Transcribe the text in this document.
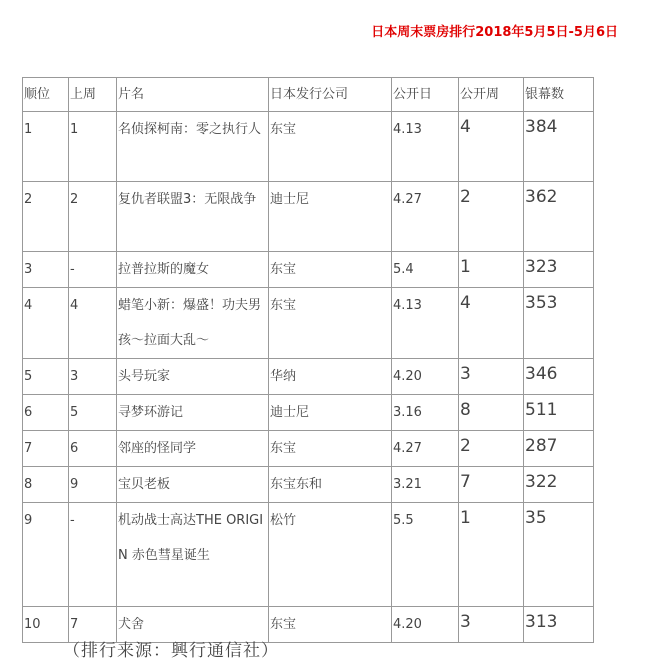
日本周末票房排行2018年5月5日-5月6日

顺位	上周	片名	日本发行公司	公开日	公开周	银幕数
1	1	名侦探柯南：零之执行人	东宝	4.13	4	384
2	2	复仇者联盟3：无限战争	迪士尼	4.27	2	362
3	-	拉普拉斯的魔女	东宝	5.4	1	323
4	4	蜡笔小新：爆盛！功夫男孩～拉面大乱～	东宝	4.13	4	353
5	3	头号玩家	华纳	4.20	3	346
6	5	寻梦环游记	迪士尼	3.16	8	511
7	6	邻座的怪同学	东宝	4.27	2	287
8	9	宝贝老板	东宝东和	3.21	7	322
9	-	机动战士高达THE ORIGIN 赤色彗星诞生	松竹	5.5	1	35
10	7	犬舍	东宝	4.20	3	313

（排行来源：興行通信社）
